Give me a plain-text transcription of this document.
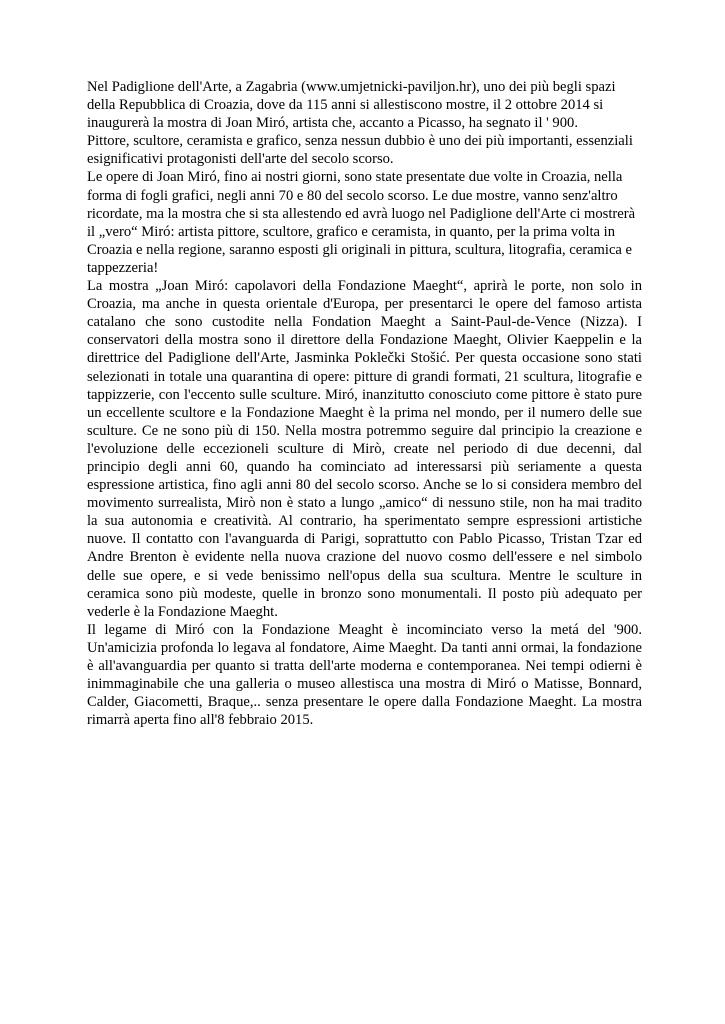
Nel Padiglione dell'Arte, a Zagabria (www.umjetnicki-paviljon.hr), uno dei più begli spazi
della Repubblica di Croazia, dove da 115 anni si allestiscono mostre, il 2 ottobre 2014 si
inaugurerà la mostra di Joan Miró, artista che, accanto a Picasso, ha segnato il ' 900.
Pittore, scultore, ceramista e grafico, senza nessun dubbio è uno dei più importanti, essenziali
esignificativi protagonisti dell'arte del secolo scorso.
Le opere di Joan Miró, fino ai nostri giorni, sono state presentate due volte in Croazia, nella
forma di fogli grafici, negli anni 70 e 80 del secolo scorso. Le due mostre, vanno senz'altro
ricordate, ma la mostra che si sta allestendo ed avrà luogo nel Padiglione dell'Arte ci mostrerà
il „vero“ Miró: artista pittore, scultore, grafico e ceramista, in quanto, per la prima volta in
Croazia e nella regione, saranno esposti gli originali in pittura, scultura, litografia, ceramica e
tappezzeria!
La mostra „Joan Miró: capolavori della Fondazione Maeght“, aprirà le porte, non solo in
Croazia, ma anche in questa orientale d'Europa, per presentarci le opere del famoso artista
catalano che sono custodite nella Fondation Maeght a Saint-Paul-de-Vence (Nizza). I
conservatori della mostra sono il direttore della Fondazione Maeght, Olivier Kaeppelin e la
direttrice del Padiglione dell'Arte, Jasminka Poklečki Stošić. Per questa occasione sono stati
selezionati in totale una quarantina di opere: pitture di grandi formati, 21 scultura, litografie e
tappizzerie, con l'eccento sulle sculture. Miró, inanzitutto conosciuto come pittore è stato pure
un eccellente scultore e la Fondazione Maeght è la prima nel mondo, per il numero delle sue
sculture. Ce ne sono più di 150. Nella mostra potremmo seguire dal principio la creazione e
l'evoluzione delle eccezioneli sculture di Mirò, create nel periodo di due decenni, dal
principio degli anni 60, quando ha cominciato ad interessarsi più seriamente a questa
espressione artistica, fino agli anni 80 del secolo scorso. Anche se lo si considera membro del
movimento surrealista, Mirò non è stato a lungo „amico“ di nessuno stile, non ha mai tradito
la sua autonomia e creatività. Al contrario, ha sperimentato sempre espressioni artistiche
nuove. Il contatto con l'avanguarda di Parigi, soprattutto con Pablo Picasso, Tristan Tzar ed
Andre Brenton è evidente nella nuova crazione del nuovo cosmo dell'essere e nel simbolo
delle sue opere, e si vede benissimo nell'opus della sua scultura. Mentre le sculture in
ceramica sono più modeste, quelle in bronzo sono monumentali. Il posto più adequato per
vederle è la Fondazione Maeght.
Il legame di Miró con la Fondazione Meaght è incominciato verso la metá del '900.
Un'amicizia profonda lo legava al fondatore, Aime Maeght. Da tanti anni ormai, la fondazione
è all'avanguardia per quanto si tratta dell'arte moderna e contemporanea. Nei tempi odierni è
inimmaginabile che una galleria o museo allestisca una mostra di Miró o Matisse, Bonnard,
Calder, Giacometti, Braque,.. senza presentare le opere dalla Fondazione Maeght. La mostra
rimarrà aperta fino all'8 febbraio 2015.
